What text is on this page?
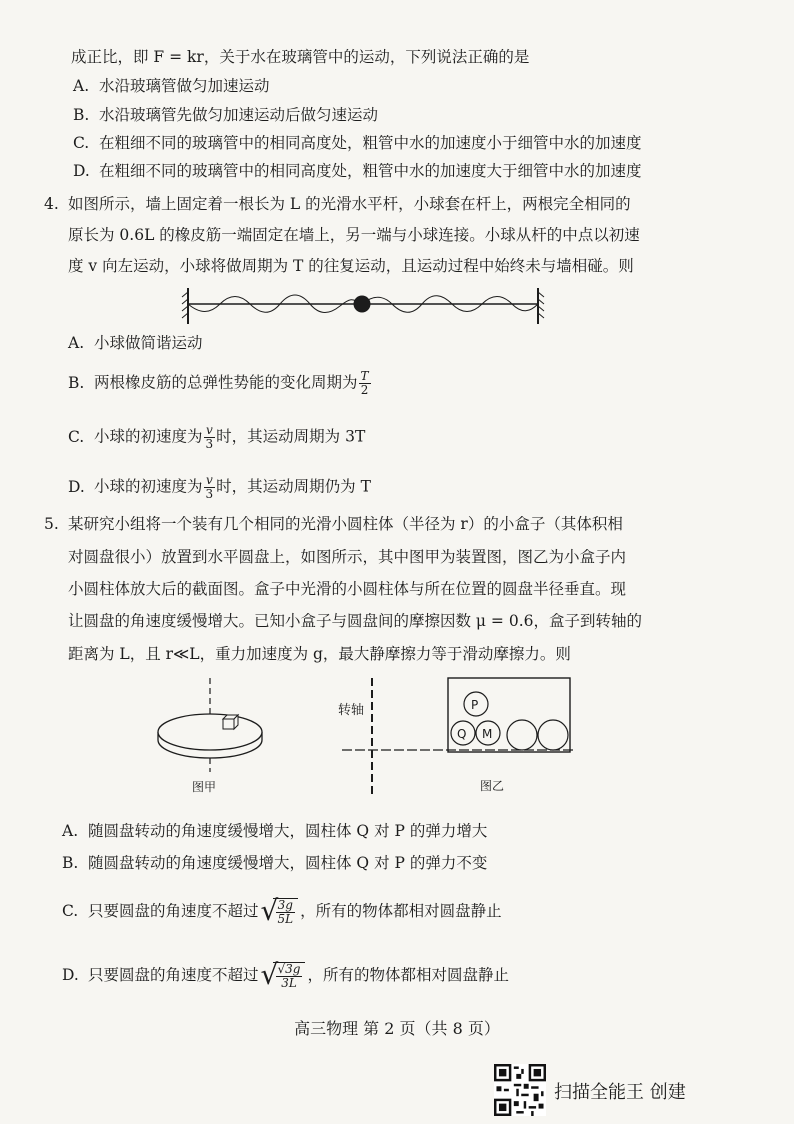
成正比，即 F = kr，关于水在玻璃管中的运动，下列说法正确的是
A. 水沿玻璃管做匀加速运动
B. 水沿玻璃管先做匀加速运动后做匀速运动
C. 在粗细不同的玻璃管中的相同高度处，粗管中水的加速度小于细管中水的加速度
D. 在粗细不同的玻璃管中的相同高度处，粗管中水的加速度大于细管中水的加速度
4. 如图所示，墙上固定着一根长为 L 的光滑水平杆，小球套在杆上，两根完全相同的
原长为 0.6L 的橡皮筋一端固定在墙上，另一端与小球连接。小球从杆的中点以初速
度 v 向左运动，小球将做周期为 T 的往复运动，且运动过程中始终未与墙相碰。则
A. 小球做简谐运动
B. 两根橡皮筋的总弹性势能的变化周期为 $\frac{T}{2}$
C. 小球的初速度为 $\frac{v}{3}$ 时，其运动周期为 3T
D. 小球的初速度为 $\frac{v}{3}$ 时，其运动周期仍为 T
5. 某研究小组将一个装有几个相同的光滑小圆柱体（半径为 r）的小盒子（其体积相
对圆盘很小）放置到水平圆盘上，如图所示，其中图甲为装置图，图乙为小盒子内
小圆柱体放大后的截面图。盒子中光滑的小圆柱体与所在位置的圆盘半径垂直。现
让圆盘的角速度缓慢增大。已知小盒子与圆盘间的摩擦因数 μ = 0.6，盒子到转轴的
距离为 L，且 r≪L，重力加速度为 g，最大静摩擦力等于滑动摩擦力。则
图甲
转轴	P
Q M
图乙
A. 随圆盘转动的角速度缓慢增大，圆柱体 Q 对 P 的弹力增大
B. 随圆盘转动的角速度缓慢增大，圆柱体 Q 对 P 的弹力不变
C. 只要圆盘的角速度不超过 √
$\frac{3g}{5L}$ ，所有的物体都相对圆盘静止
D. 只要圆盘的角速度不超过 √
$\frac{√3g}{3L}$ ，所有的物体都相对圆盘静止
高三物理 第 2 页（共 8 页）
扫描全能王 创建
